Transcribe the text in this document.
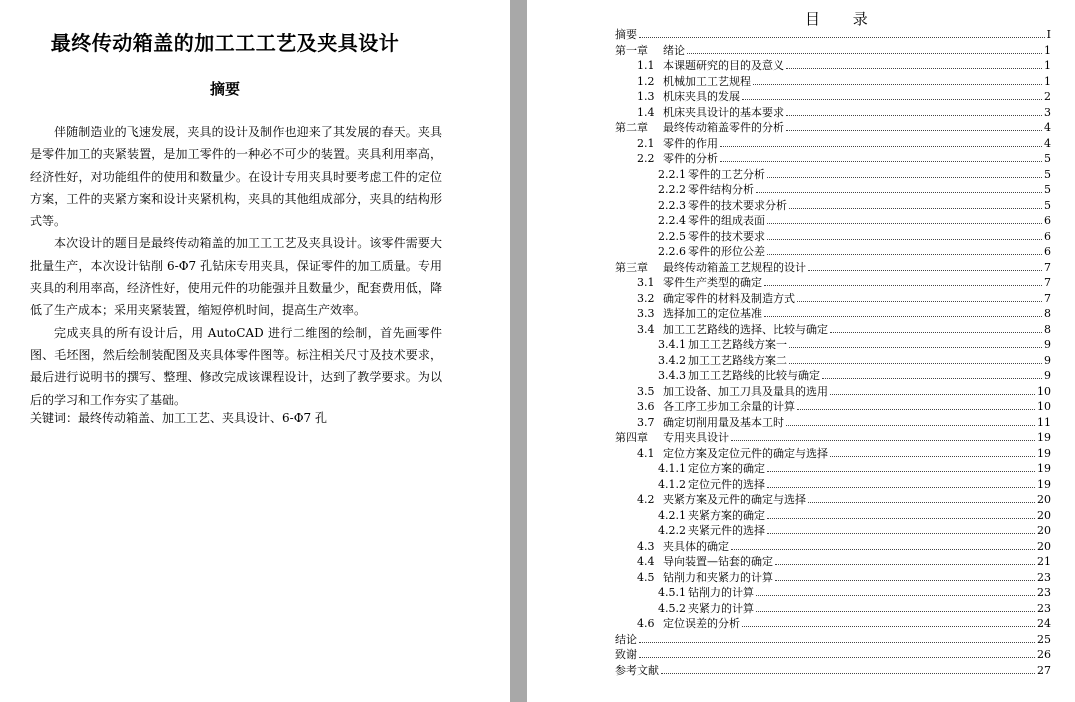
最终传动箱盖的加工工工艺及夹具设计
摘要

伴随制造业的飞速发展，夹具的设计及制作也迎来了其发展的春天。夹具是零件加工的夹紧装置，是加工零件的一种必不可少的装置。夹具利用率高，经济性好，对功能组件的使用和数量少。在设计专用夹具时要考虑工件的定位方案，工件的夹紧方案和设计夹紧机构，夹具的其他组成部分，夹具的结构形式等。

本次设计的题目是最终传动箱盖的加工工工艺及夹具设计。该零件需要大批量生产，本次设计钻削 6-Φ7 孔钻床专用夹具，保证零件的加工质量。专用夹具的利用率高，经济性好，使用元件的功能强并且数量少，配套费用低，降低了生产成本；采用夹紧装置，缩短停机时间，提高生产效率。

完成夹具的所有设计后，用 AutoCAD 进行二维图的绘制，首先画零件图、毛坯图，然后绘制装配图及夹具体零件图等。标注相关尺寸及技术要求，最后进行说明书的撰写、整理、修改完成该课程设计，达到了教学要求。为以后的学习和工作夯实了基础。

关键词：最终传动箱盖、加工工艺、夹具设计、6-Φ7 孔
目 录
摘要	I
第一章	绪论	1
1.1 本课题研究的目的及意义	1
1.2 机械加工工艺规程	1
1.3 机床夹具的发展	2
1.4 机床夹具设计的基本要求	3
第二章	最终传动箱盖零件的分析	4
2.1 零件的作用	4
2.2 零件的分析	5
2.2.1 零件的工艺分析	5
2.2.2 零件结构分析	5
2.2.3 零件的技术要求分析	5
2.2.4 零件的组成表面	6
2.2.5 零件的技术要求	6
2.2.6 零件的形位公差	6
第三章	最终传动箱盖工艺规程的设计	7
3.1 零件生产类型的确定	7
3.2 确定零件的材料及制造方式	7
3.3 选择加工的定位基准	8
3.4 加工工艺路线的选择、比较与确定	8
3.4.1 加工工艺路线方案一	9
3.4.2 加工工艺路线方案二	9
3.4.3 加工工艺路线的比较与确定	9
3.5 加工设备、加工刀具及量具的选用	10
3.6 各工序工步加工余量的计算	10
3.7 确定切削用量及基本工时	11
第四章	专用夹具设计	19
4.1 定位方案及定位元件的确定与选择	19
4.1.1 定位方案的确定	19
4.1.2 定位元件的选择	19
4.2 夹紧方案及元件的确定与选择	20
4.2.1 夹紧方案的确定	20
4.2.2 夹紧元件的选择	20
4.3 夹具体的确定	20
4.4 导向装置—钻套的确定	21
4.5 钻削力和夹紧力的计算	23
4.5.1 钻削力的计算	23
4.5.2 夹紧力的计算	23
4.6 定位误差的分析	24
结论	25
致谢	26
参考文献	27
